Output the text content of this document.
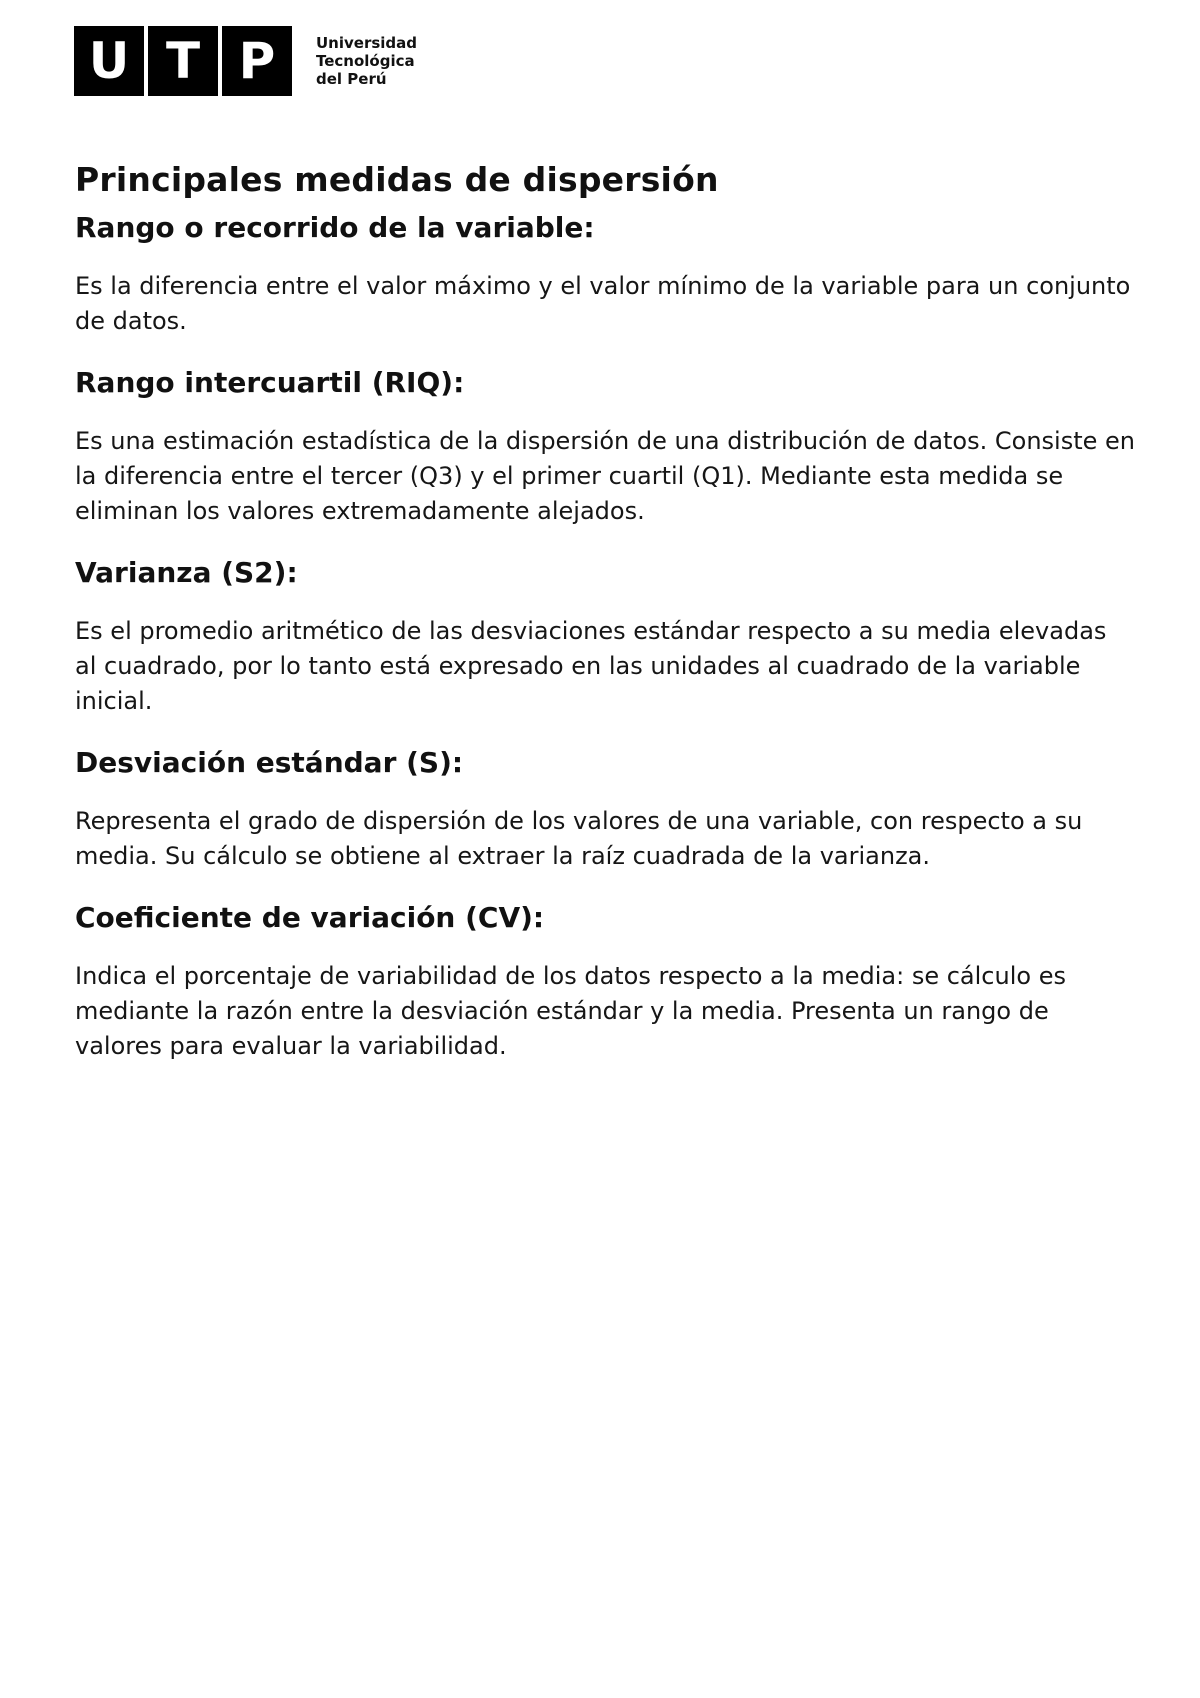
U T P	Universidad
Tecnológica
del Perú
Principales medidas de dispersión
Rango o recorrido de la variable:

Es la diferencia entre el valor máximo y el valor mínimo de la variable para un conjunto de datos.

Rango intercuartil (RIQ):

Es una estimación estadística de la dispersión de una distribución de datos. Consiste en la diferencia entre el tercer (Q3) y el primer cuartil (Q1). Mediante esta medida se eliminan los valores extremadamente alejados.

Varianza (S2):

Es el promedio aritmético de las desviaciones estándar respecto a su media elevadas al cuadrado, por lo tanto está expresado en las unidades al cuadrado de la variable inicial.

Desviación estándar (S):

Representa el grado de dispersión de los valores de una variable, con respecto a su media. Su cálculo se obtiene al extraer la raíz cuadrada de la varianza.

Coeficiente de variación (CV):

Indica el porcentaje de variabilidad de los datos respecto a la media: se cálculo es mediante la razón entre la desviación estándar y la media. Presenta un rango de valores para evaluar la variabilidad.
